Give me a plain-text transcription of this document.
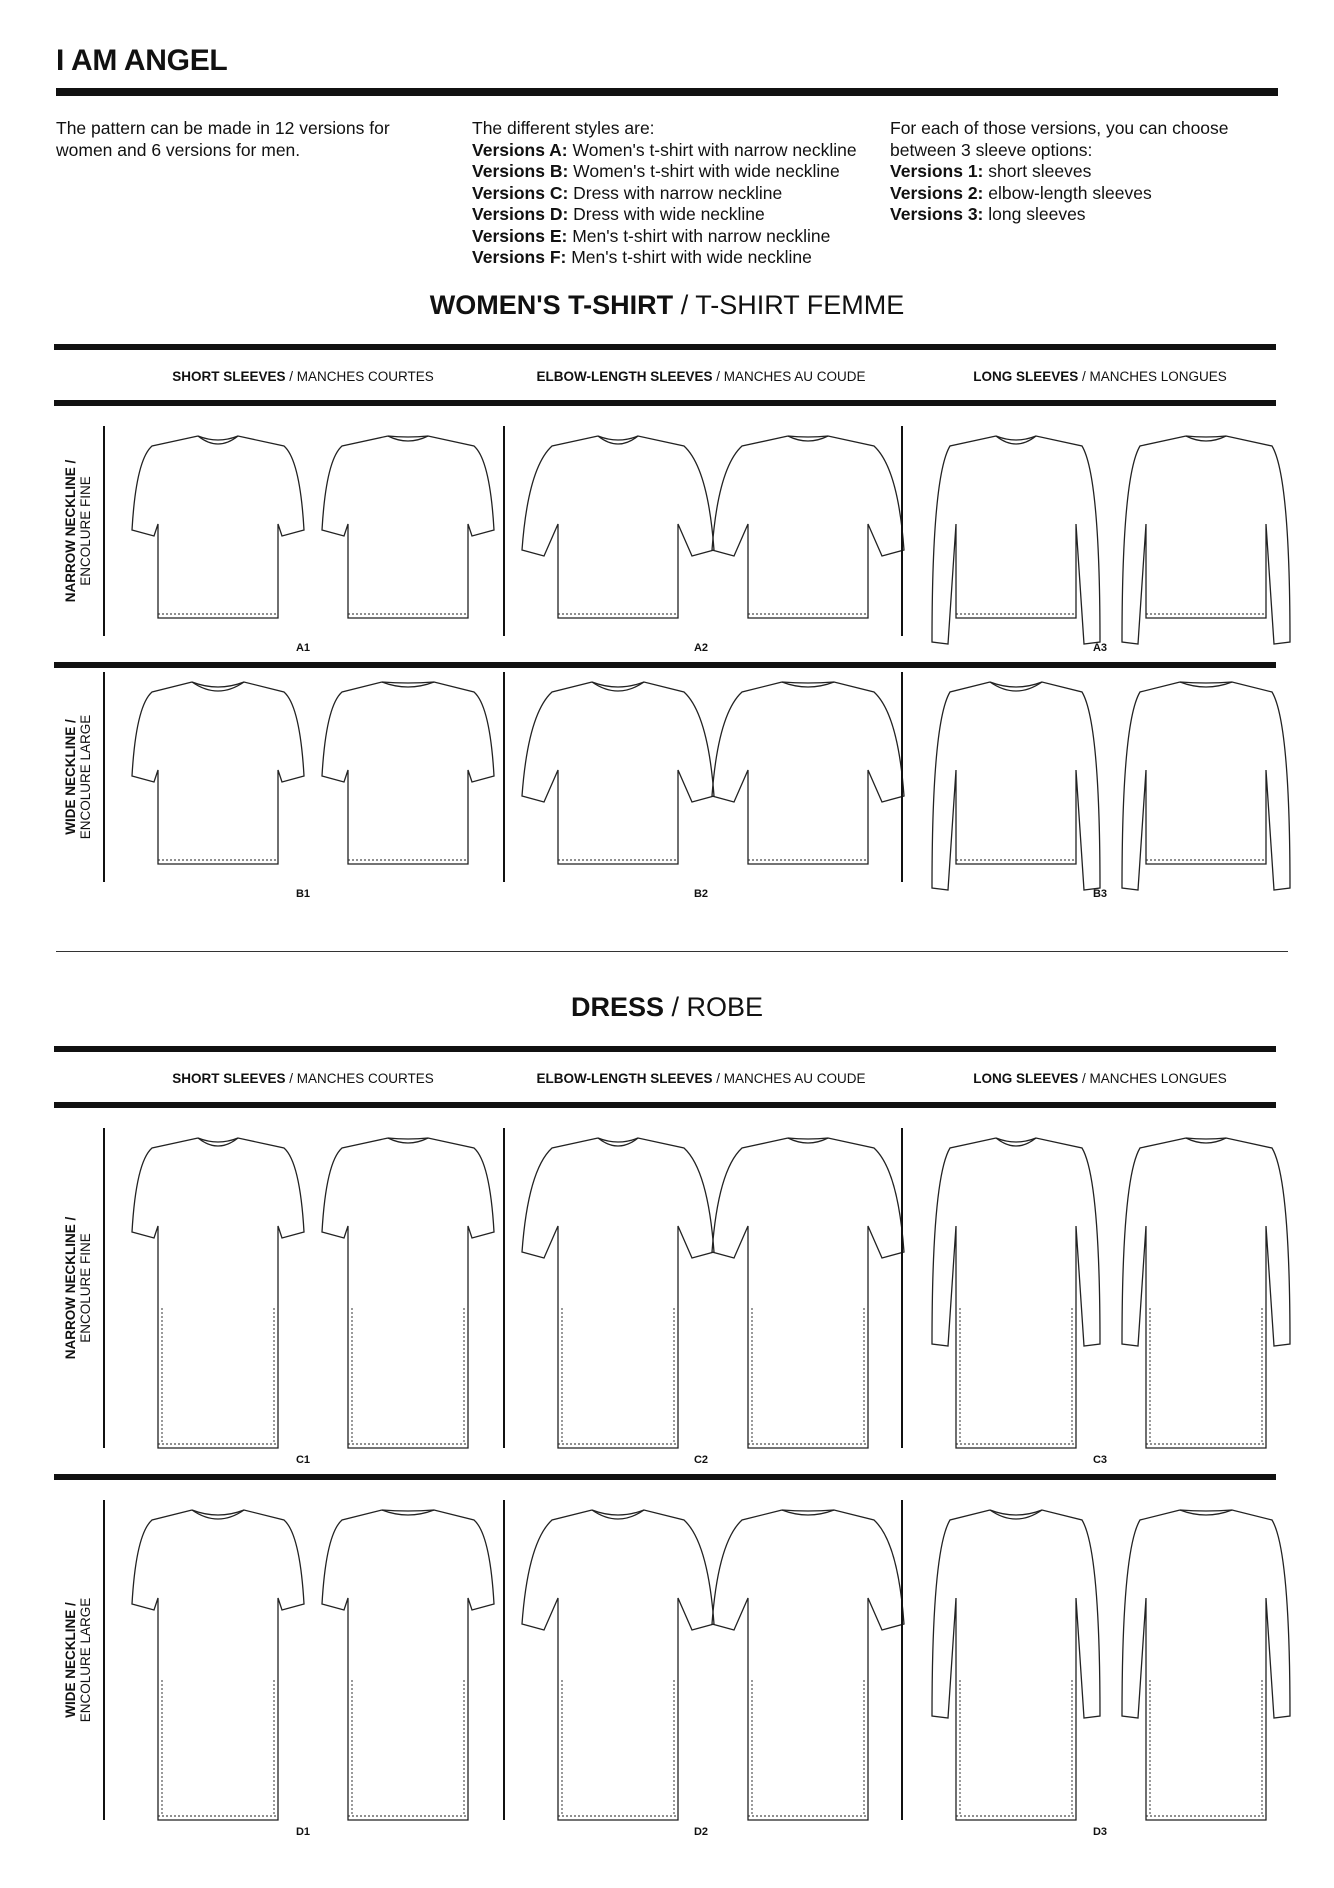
I AM ANGEL
The pattern can be made in 12 versions for
women and 6 versions for men.
The different styles are:
Versions A: Women's t-shirt with narrow neckline
Versions B: Women's t-shirt with wide neckline
Versions C: Dress with narrow neckline
Versions D: Dress with wide neckline
Versions E: Men's t-shirt with narrow neckline
Versions F: Men's t-shirt with wide neckline
For each of those versions, you can choose
between 3 sleeve options:
Versions 1: short sleeves
Versions 2: elbow-length sleeves
Versions 3: long sleeves
WOMEN'S T-SHIRT / T-SHIRT FEMME
SHORT SLEEVES / MANCHES COURTES	ELBOW-LENGTH SLEEVES / MANCHES AU COUDE	LONG SLEEVES / MANCHES LONGUES
NARROW NECKLINE / ENCOLURE FINE
A1	A2	A3
WIDE NECKLINE / ENCOLURE LARGE
B1	B2	B3
DRESS / ROBE
SHORT SLEEVES / MANCHES COURTES	ELBOW-LENGTH SLEEVES / MANCHES AU COUDE	LONG SLEEVES / MANCHES LONGUES
NARROW NECKLINE / ENCOLURE FINE
C1	C2	C3
WIDE NECKLINE / ENCOLURE LARGE
D1	D2	D3
